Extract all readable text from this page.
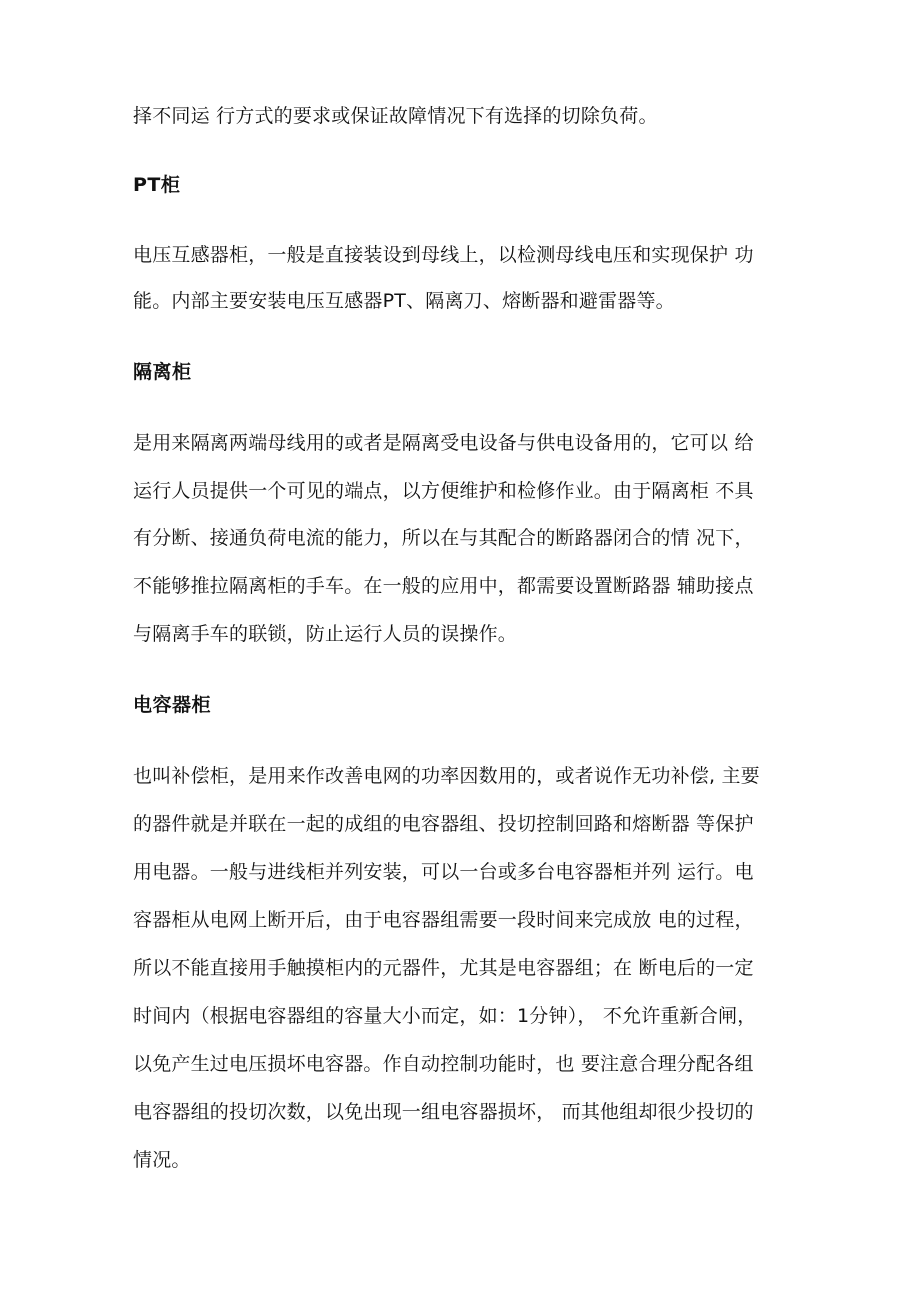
择不同运 行方式的要求或保证故障情况下有选择的切除负荷。
PT柜
电压互感器柜，一般是直接装设到母线上，以检测母线电压和实现保护 功
能。内部主要安装电压互感器PT、隔离刀、熔断器和避雷器等。
隔离柜
是用来隔离两端母线用的或者是隔离受电设备与供电设备用的，它可以 给
运行人员提供一个可见的端点，以方便维护和检修作业。由于隔离柜 不具
有分断、接通负荷电流的能力，所以在与其配合的断路器闭合的情 况下，
不能够推拉隔离柜的手车。在一般的应用中，都需要设置断路器 辅助接点
与隔离手车的联锁，防止运行人员的误操作。
电容器柜
也叫补偿柜，是用来作改善电网的功率因数用的，或者说作无功补偿, 主要
的器件就是并联在一起的成组的电容器组、投切控制回路和熔断器 等保护
用电器。一般与进线柜并列安装，可以一台或多台电容器柜并列 运行。电
容器柜从电网上断开后，由于电容器组需要一段时间来完成放 电的过程，
所以不能直接用手触摸柜内的元器件，尤其是电容器组；在 断电后的一定
时间内（根据电容器组的容量大小而定，如：1分钟）， 不允许重新合闸，
以免产生过电压损坏电容器。作自动控制功能时，也 要注意合理分配各组
电容器组的投切次数，以免出现一组电容器损坏， 而其他组却很少投切的
情况。
